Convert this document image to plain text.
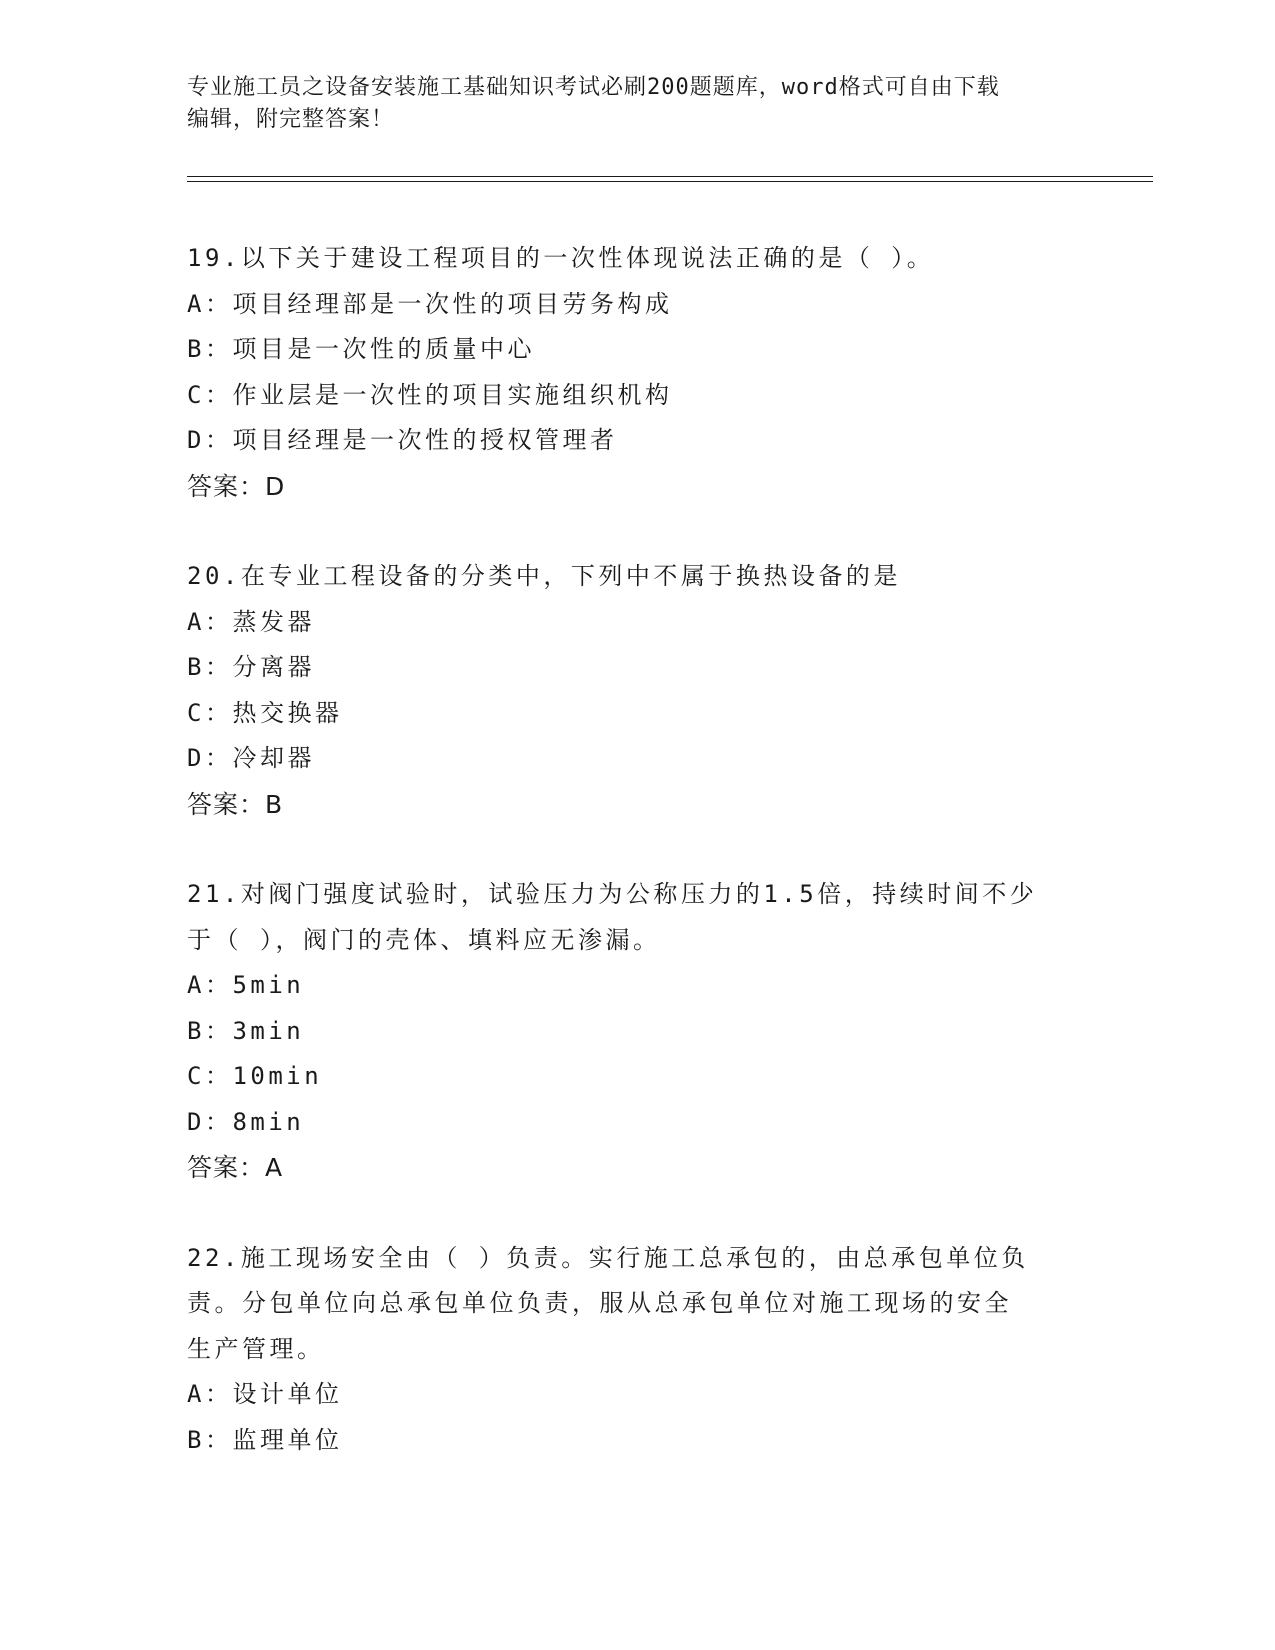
专业施工员之设备安装施工基础知识考试必刷200题题库，word格式可自由下载
编辑，附完整答案！
19.以下关于建设工程项目的一次性体现说法正确的是（ ）。
A：项目经理部是一次性的项目劳务构成
B：项目是一次性的质量中心
C：作业层是一次性的项目实施组织机构
D：项目经理是一次性的授权管理者
答案：D
20.在专业工程设备的分类中，下列中不属于换热设备的是
A：蒸发器
B：分离器
C：热交换器
D：冷却器
答案：B
21.对阀门强度试验时，试验压力为公称压力的1.5倍，持续时间不少
于（ ），阀门的壳体、填料应无渗漏。
A：5min
B：3min
C：10min
D：8min
答案：A
22.施工现场安全由（ ）负责。实行施工总承包的，由总承包单位负
责。分包单位向总承包单位负责，服从总承包单位对施工现场的安全
生产管理。
A：设计单位
B：监理单位
